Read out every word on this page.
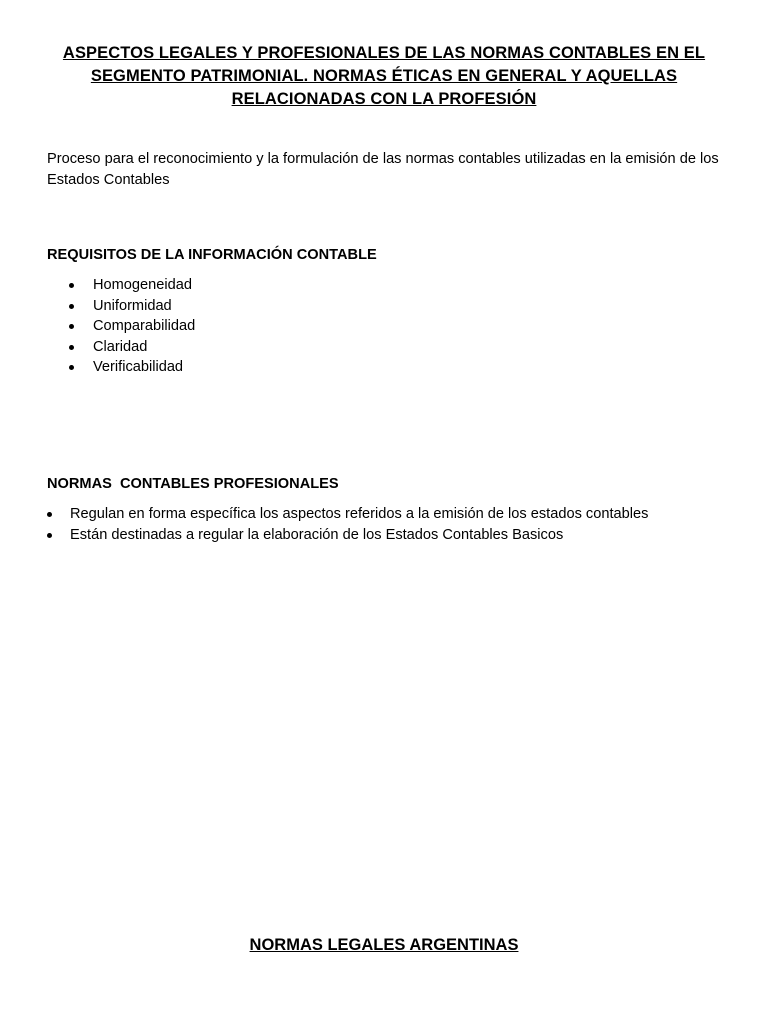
ASPECTOS LEGALES Y PROFESIONALES DE LAS NORMAS CONTABLES EN EL SEGMENTO PATRIMONIAL. NORMAS ÉTICAS EN GENERAL Y AQUELLAS RELACIONADAS CON LA PROFESIÓN

Proceso para el reconocimiento y la formulación de las normas contables utilizadas en la emisión de los Estados Contables

REQUISITOS DE LA INFORMACIÓN CONTABLE
Homogeneidad
Uniformidad
Comparabilidad
Claridad
Verificabilidad
NORMAS  CONTABLES PROFESIONALES
Regulan en forma específica los aspectos referidos a la emisión de los estados contables
Están destinadas a regular la elaboración de los Estados Contables Basicos
NORMAS LEGALES ARGENTINAS
